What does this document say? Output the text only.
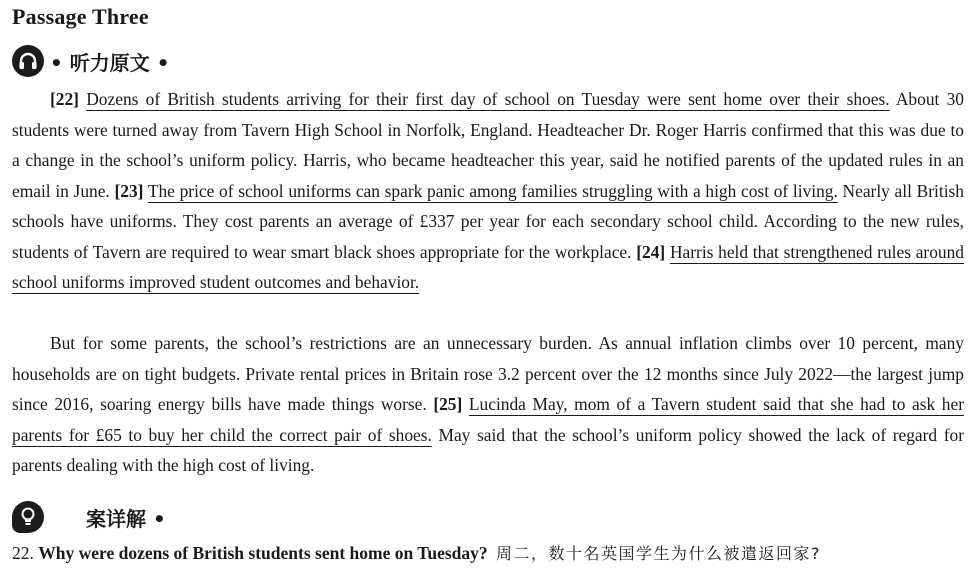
Passage Three
• 听力原文 •

[22] Dozens of British students arriving for their first day of school on Tuesday were sent home over their shoes. About 30 students were turned away from Tavern High School in Norfolk, England. Headteacher Dr. Roger Harris confirmed that this was due to a change in the school’s uniform policy. Harris, who became headteacher this year, said he notified parents of the updated rules in an email in June. [23] The price of school uniforms can spark panic among families struggling with a high cost of living. Nearly all British schools have uniforms. They cost parents an average of £337 per year for each secondary school child. According to the new rules, students of Tavern are required to wear smart black shoes appropriate for the workplace. [24] Harris held that strengthened rules around school uniforms improved student outcomes and behavior.

But for some parents, the school’s restrictions are an unnecessary burden. As annual inflation climbs over 10 percent, many households are on tight budgets. Private rental prices in Britain rose 3.2 percent over the 12 months since July 2022—the largest jump since 2016, soaring energy bills have made things worse. [25] Lucinda May, mom of a Tavern student said that she had to ask her parents for £65 to buy her child the correct pair of shoes. May said that the school’s uniform policy showed the lack of regard for parents dealing with the high cost of living.

案详解 •

22. Why were dozens of British students sent home on Tuesday? 周二，数十名英国学生为什么被遣返回家?
